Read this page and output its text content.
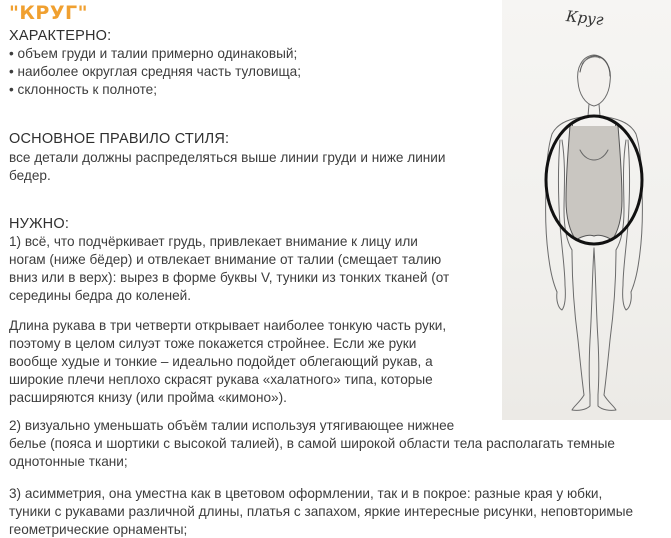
"КРУГ"
ХАРАКТЕРНО:
• объем груди и талии примерно одинаковый;
• наиболее округлая средняя часть туловища;
• склонность к полноте;
ОСНОВНОЕ ПРАВИЛО СТИЛЯ:
все детали должны распределяться выше линии груди и ниже линии
бедер.
НУЖНО:
1) всё, что подчёркивает грудь, привлекает внимание к лицу или
ногам (ниже бёдер) и отвлекает внимание от талии (смещает талию
вниз или в верх): вырез в форме буквы V, туники из тонких тканей (от
середины бедра до коленей.
Длина рукава в три четверти открывает наиболее тонкую часть руки,
поэтому в целом силуэт тоже покажется стройнее. Если же руки
вообще худые и тонкие – идеально подойдет облегающий рукав, а
широкие плечи неплохо скрасят рукава «халатного» типа, которые
расширяются книзу (или пройма «кимоно»).
2) визуально уменьшать объём талии используя утягивающее нижнее
белье (пояса и шортики с высокой талией), в самой широкой области тела располагать темные
однотонные ткани;
3) асимметрия, она уместна как в цветовом оформлении, так и в покрое: разные края у юбки,
туники с рукавами различной длины, платья с запахом, яркие интересные рисунки, неповторимые
геометрические орнаменты;
Круг
